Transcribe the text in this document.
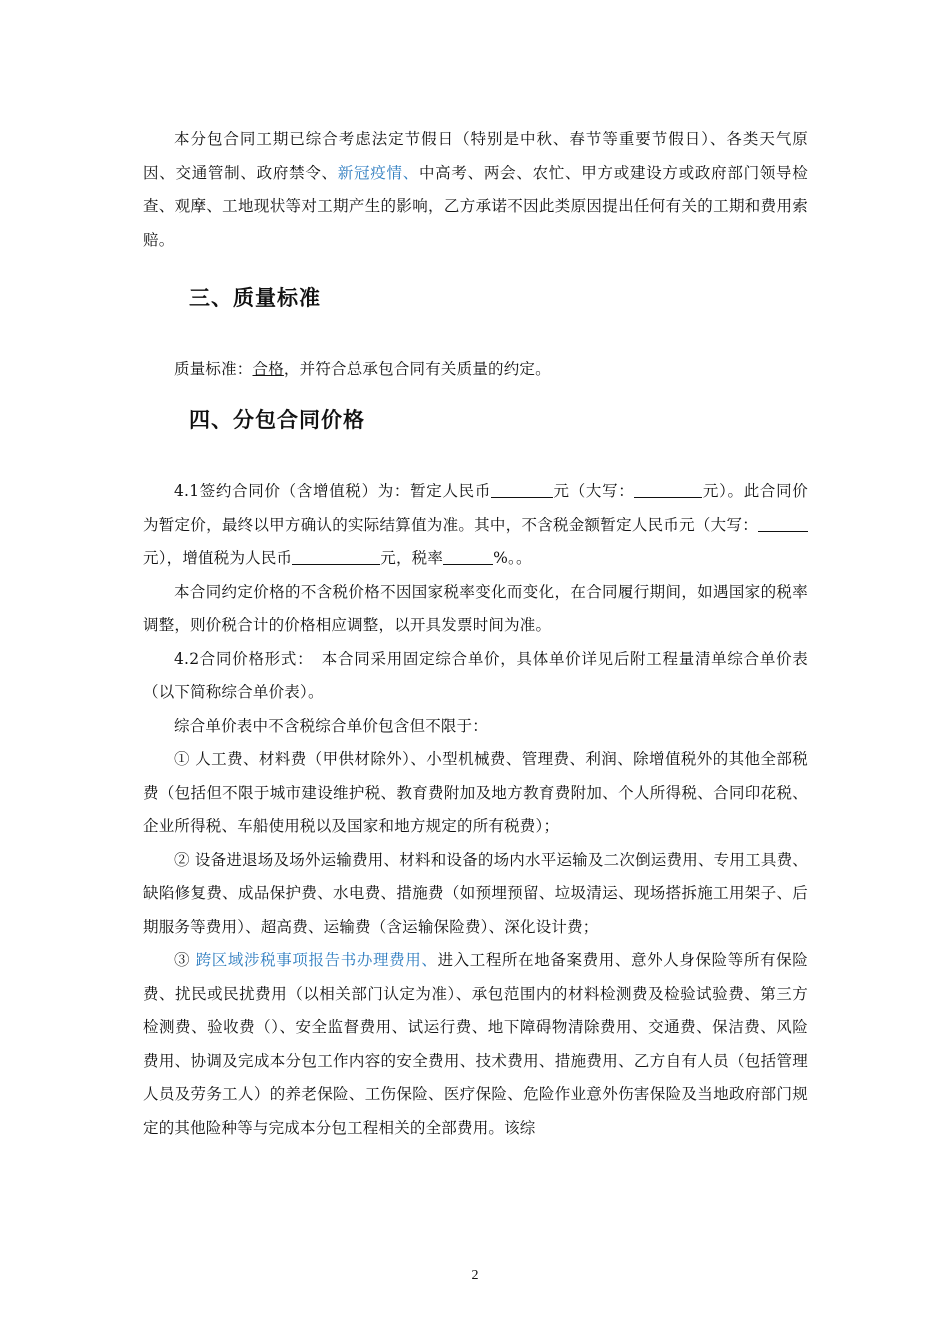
本分包合同工期已综合考虑法定节假日（特别是中秋、春节等重要节假日）、各类天气原因、交通管制、政府禁令、新冠疫情、中高考、两会、农忙、甲方或建设方或政府部门领导检查、观摩、工地现状等对工期产生的影响，乙方承诺不因此类原因提出任何有关的工期和费用索赔。

三、质量标准

质量标准：合格，并符合总承包合同有关质量的约定。

四、分包合同价格

4.1签约合同价（含增值税）为：暂定人民币	元（大写：	元）。此合同价为暂定价，最终以甲方确认的实际结算值为准。其中，不含税金额暂定人民币元（大写：元），增值税为人民币	元，税率	%。。

本合同约定价格的不含税价格不因国家税率变化而变化，在合同履行期间，如遇国家的税率调整，则价税合计的价格相应调整，以开具发票时间为准。

4.2合同价格形式：　本合同采用固定综合单价，具体单价详见后附工程量清单综合单价表（以下简称综合单价表）。

综合单价表中不含税综合单价包含但不限于：

① 人工费、材料费（甲供材除外）、小型机械费、管理费、利润、除增值税外的其他全部税费（包括但不限于城市建设维护税、教育费附加及地方教育费附加、个人所得税、合同印花税、企业所得税、车船使用税以及国家和地方规定的所有税费）；

② 设备进退场及场外运输费用、材料和设备的场内水平运输及二次倒运费用、专用工具费、缺陷修复费、成品保护费、水电费、措施费（如预埋预留、垃圾清运、现场搭拆施工用架子、后期服务等费用）、超高费、运输费（含运输保险费）、深化设计费；

③ 跨区域涉税事项报告书办理费用、进入工程所在地备案费用、意外人身保险等所有保险费、扰民或民扰费用（以相关部门认定为准）、承包范围内的材料检测费及检验试验费、第三方检测费、验收费（）、安全监督费用、试运行费、地下障碍物清除费用、交通费、保洁费、风险费用、协调及完成本分包工作内容的安全费用、技术费用、措施费用、乙方自有人员（包括管理人员及劳务工人）的养老保险、工伤保险、医疗保险、危险作业意外伤害保险及当地政府部门规定的其他险种等与完成本分包工程相关的全部费用。该综

2
